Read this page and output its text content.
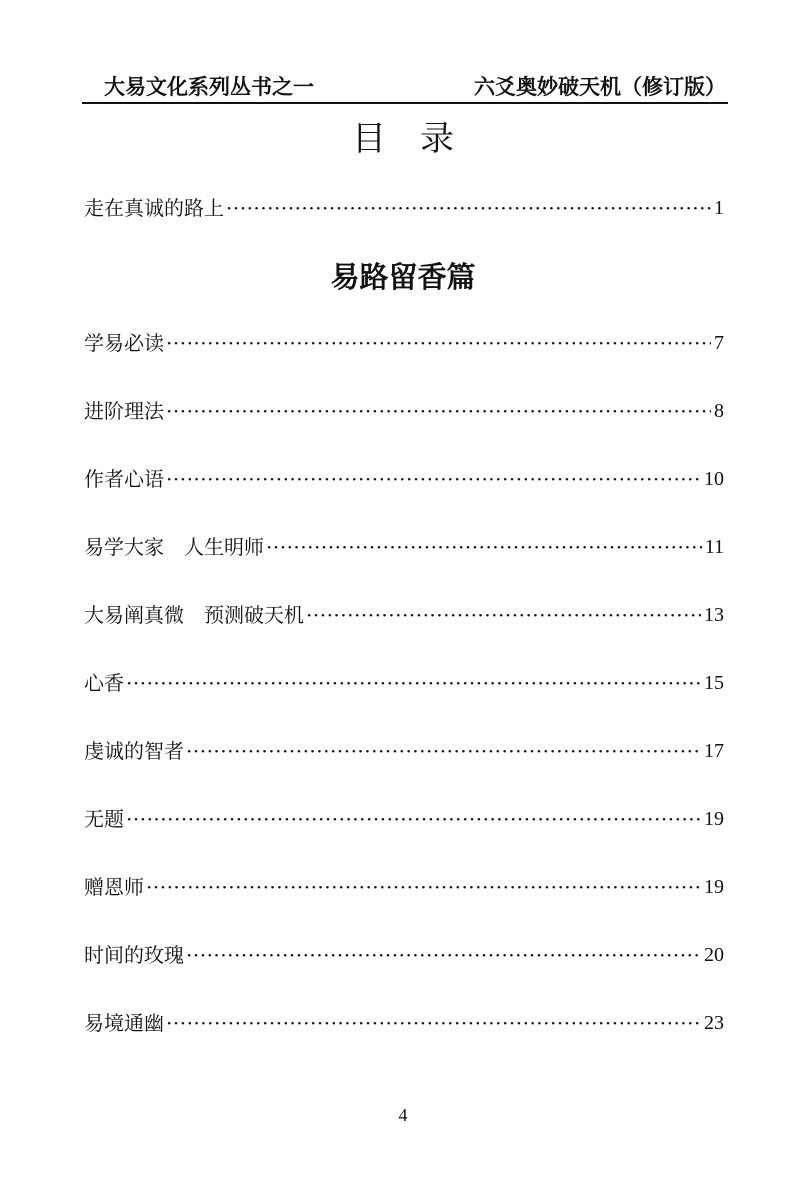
大易文化系列丛书之一	六爻奥妙破天机（修订版）
目录
走在真诚的路上 ·····	1
易路留香篇
学易必读 ·····	7
进阶理法 ·····	8
作者心语 ·····	10
易学大家　人生明师 ·····	11
大易阐真微　预测破天机 ·····	13
心香 ·····	15
虔诚的智者 ·····	17
无题 ·····	19
赠恩师 ·····	19
时间的玫瑰 ·····	20
易境通幽 ·····	23
4
